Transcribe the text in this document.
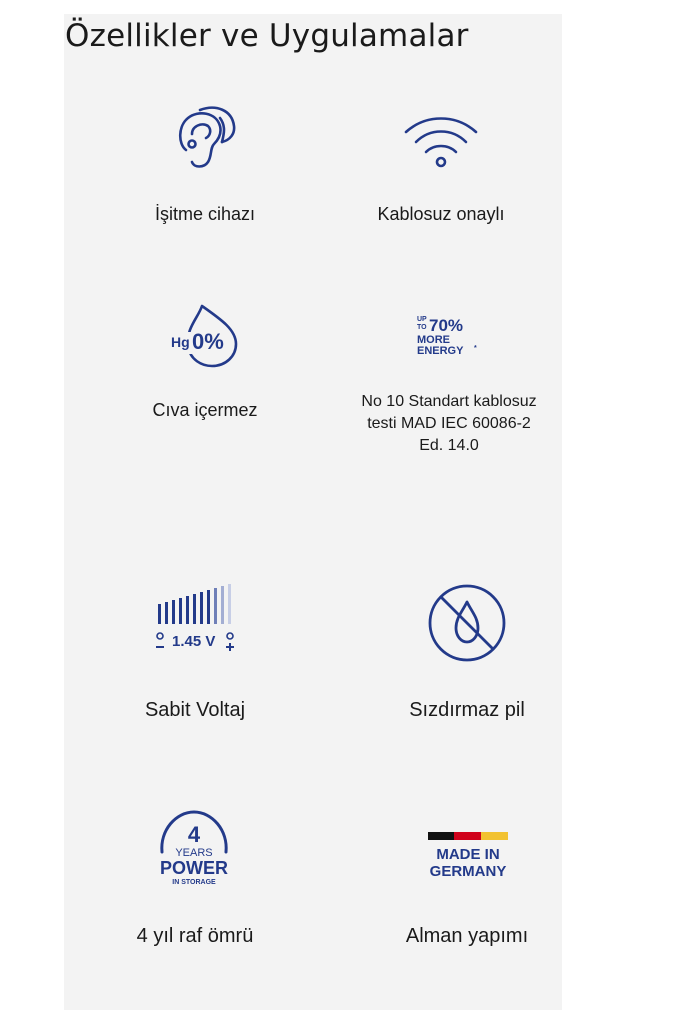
Özellikler ve Uygulamalar
İşitme cihazı	Kablosuz onaylı
Hg 0%
Cıva içermez
UP
TO 70%
MORE
ENERGY *
No 10 Standart kablosuz
testi MAD IEC 60086-2
Ed. 14.0
1.45 V
Sabit Voltaj	Sızdırmaz pil
4
YEARS
POWER
IN STORAGE
4 yıl raf ömrü
MADE IN
GERMANY
Alman yapımı
